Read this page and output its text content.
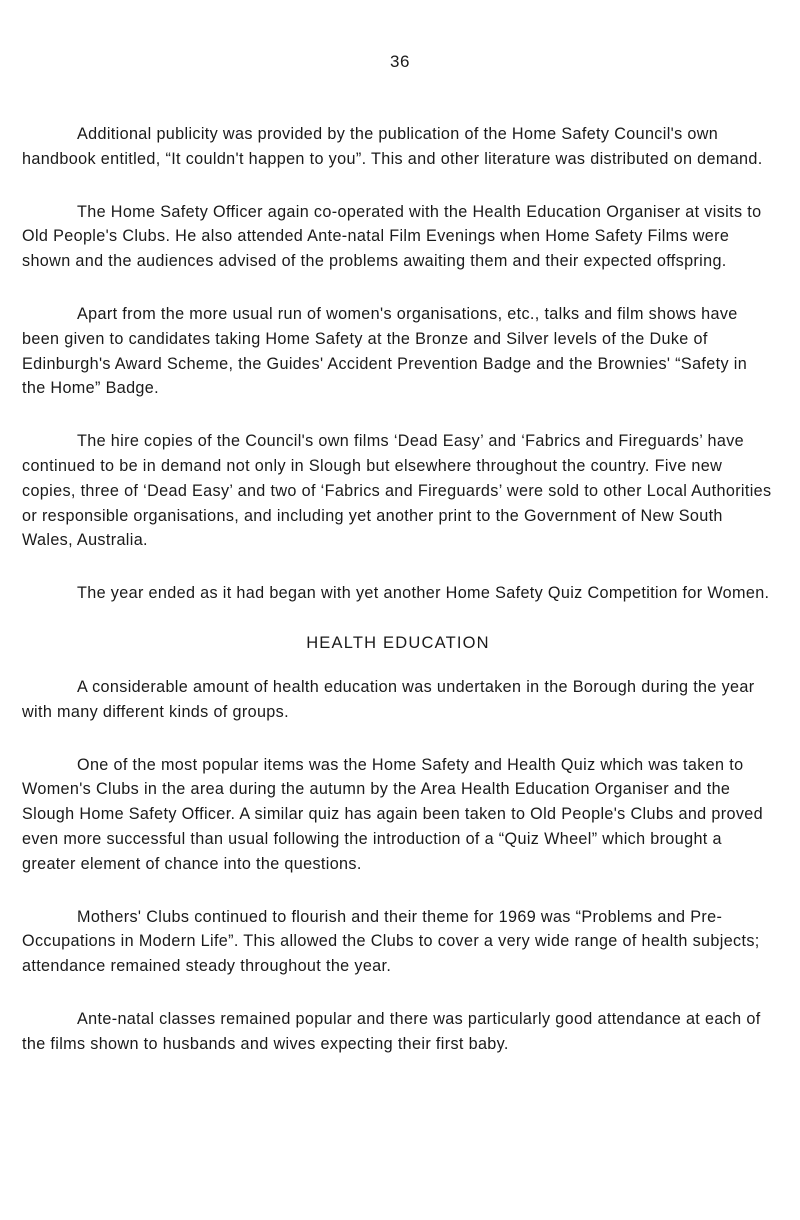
36

Additional publicity was provided by the publication of the Home Safety Council's own handbook entitled, “It couldn't happen to you”. This and other literature was distributed on demand.

The Home Safety Officer again co-operated with the Health Education Organiser at visits to Old People's Clubs. He also attended Ante-natal Film Evenings when Home Safety Films were shown and the audiences advised of the problems awaiting them and their expected offspring.

Apart from the more usual run of women's organisations, etc., talks and film shows have been given to candidates taking Home Safety at the Bronze and Silver levels of the Duke of Edinburgh's Award Scheme, the Guides' Accident Prevention Badge and the Brownies' “Safety in the Home” Badge.

The hire copies of the Council's own films ‘Dead Easy’ and ‘Fabrics and Fireguards’ have continued to be in demand not only in Slough but elsewhere throughout the country. Five new copies, three of ‘Dead Easy’ and two of ‘Fabrics and Fireguards’ were sold to other Local Authorities or responsible organisations, and including yet another print to the Government of New South Wales, Australia.

The year ended as it had began with yet another Home Safety Quiz Competition for Women.

HEALTH EDUCATION

A considerable amount of health education was undertaken in the Borough during the year with many different kinds of groups.

One of the most popular items was the Home Safety and Health Quiz which was taken to Women's Clubs in the area during the autumn by the Area Health Education Organiser and the Slough Home Safety Officer. A similar quiz has again been taken to Old People's Clubs and proved even more successful than usual following the introduction of a “Quiz Wheel” which brought a greater element of chance into the questions.

Mothers' Clubs continued to flourish and their theme for 1969 was “Problems and Pre-Occupations in Modern Life”. This allowed the Clubs to cover a very wide range of health subjects; attendance remained steady throughout the year.

Ante-natal classes remained popular and there was particularly good attendance at each of the films shown to husbands and wives expecting their first baby.
